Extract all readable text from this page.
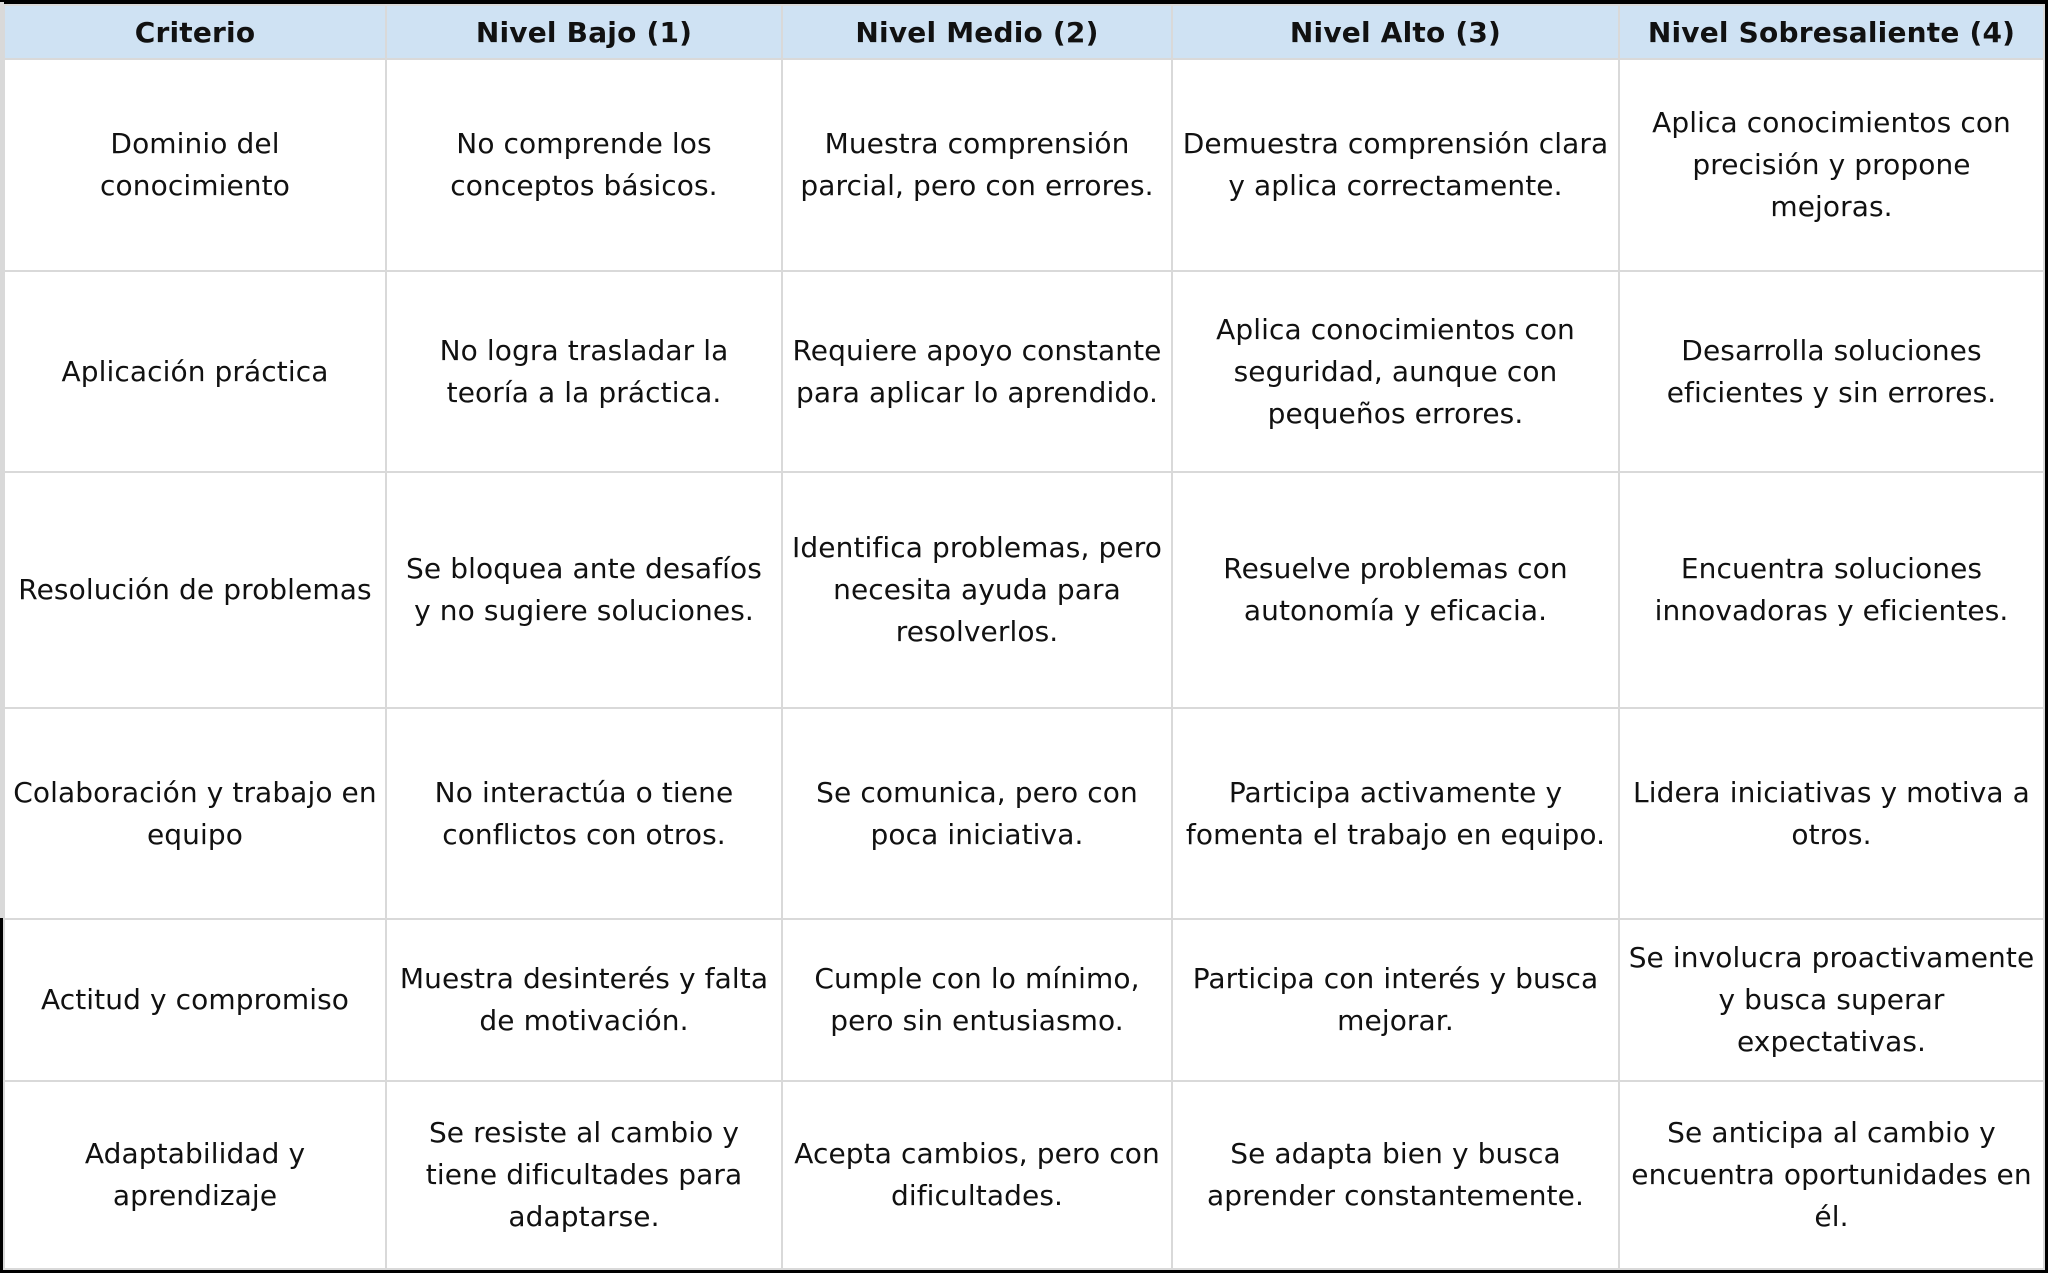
Criterio	Nivel Bajo (1)	Nivel Medio (2)	Nivel Alto (3)	Nivel Sobresaliente (4)
Dominio del conocimiento	No comprende los conceptos básicos.	Muestra comprensión parcial, pero con errores.	Demuestra comprensión clara y aplica correctamente.	Aplica conocimientos con precisión y propone mejoras.
Aplicación práctica	No logra trasladar la teoría a la práctica.	Requiere apoyo constante para aplicar lo aprendido.	Aplica conocimientos con seguridad, aunque con pequeños errores.	Desarrolla soluciones eficientes y sin errores.
Resolución de problemas	Se bloquea ante desafíos y no sugiere soluciones.	Identifica problemas, pero necesita ayuda para resolverlos.	Resuelve problemas con autonomía y eficacia.	Encuentra soluciones innovadoras y eficientes.
Colaboración y trabajo en equipo	No interactúa o tiene conflictos con otros.	Se comunica, pero con poca iniciativa.	Participa activamente y fomenta el trabajo en equipo.	Lidera iniciativas y motiva a otros.
Actitud y compromiso	Muestra desinterés y falta de motivación.	Cumple con lo mínimo, pero sin entusiasmo.	Participa con interés y busca mejorar.	Se involucra proactivamente y busca superar expectativas.
Adaptabilidad y aprendizaje	Se resiste al cambio y tiene dificultades para adaptarse.	Acepta cambios, pero con dificultades.	Se adapta bien y busca aprender constantemente.	Se anticipa al cambio y encuentra oportunidades en él.
